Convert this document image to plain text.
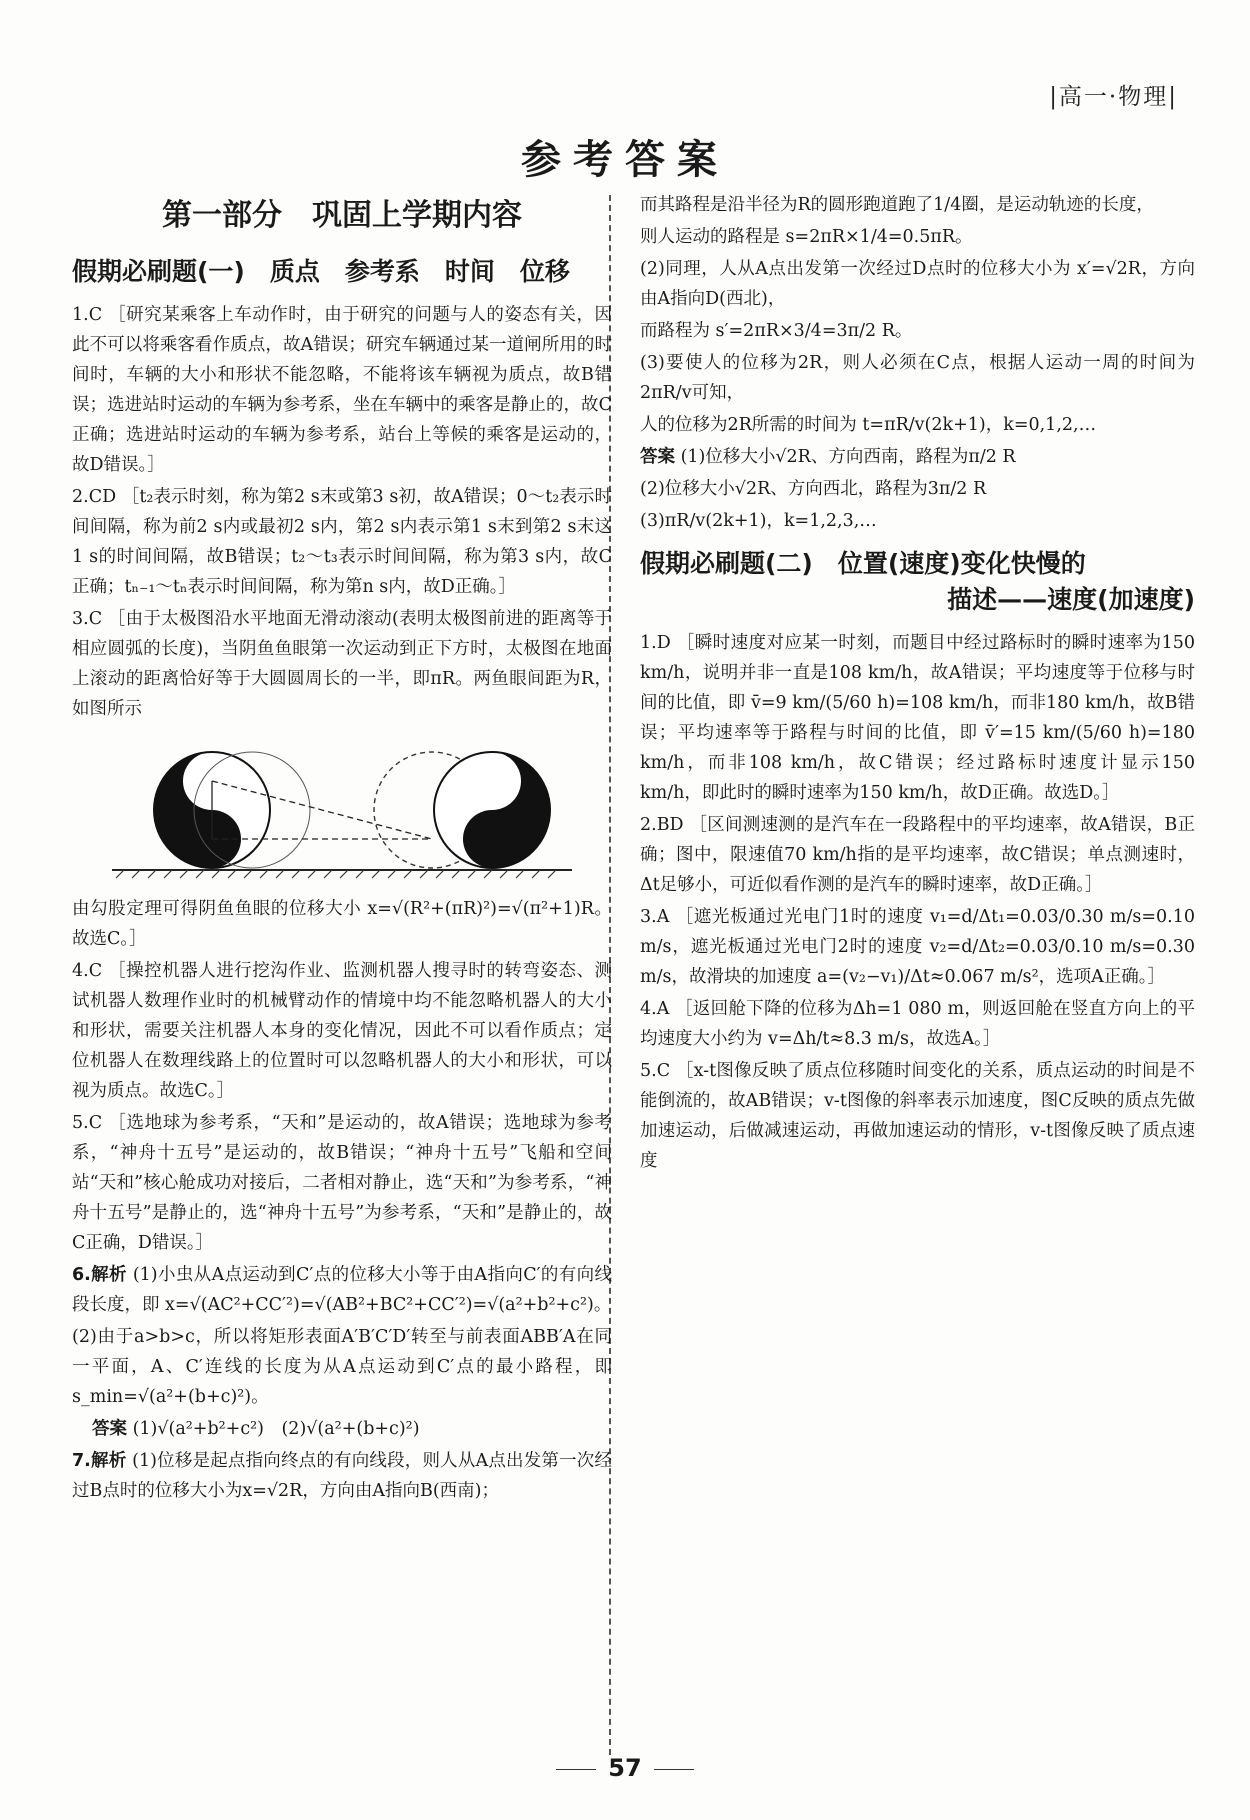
|高一·物理|
参考答案
第一部分　巩固上学期内容
假期必刷题(一)　质点　参考系　时间　位移

1.C ［研究某乘客上车动作时，由于研究的问题与人的姿态有关，因此不可以将乘客看作质点，故A错误；研究车辆通过某一道闸所用的时间时，车辆的大小和形状不能忽略，不能将该车辆视为质点，故B错误；选进站时运动的车辆为参考系，坐在车辆中的乘客是静止的，故C正确；选进站时运动的车辆为参考系，站台上等候的乘客是运动的，故D错误。］

2.CD ［t₂表示时刻，称为第2 s末或第3 s初，故A错误；0～t₂表示时间间隔，称为前2 s内或最初2 s内，第2 s内表示第1 s末到第2 s末这1 s的时间间隔，故B错误；t₂～t₃表示时间间隔，称为第3 s内，故C正确；tₙ₋₁～tₙ表示时间间隔，称为第n s内，故D正确。］

3.C ［由于太极图沿水平地面无滑动滚动(表明太极图前进的距离等于相应圆弧的长度)，当阴鱼鱼眼第一次运动到正下方时，太极图在地面上滚动的距离恰好等于大圆圆周长的一半，即πR。两鱼眼间距为R，如图所示

由勾股定理可得阴鱼鱼眼的位移大小 x=√(R²+(πR)²)=√(π²+1)R。故选C。］

4.C ［操控机器人进行挖沟作业、监测机器人搜寻时的转弯姿态、测试机器人数理作业时的机械臂动作的情境中均不能忽略机器人的大小和形状，需要关注机器人本身的变化情况，因此不可以看作质点；定位机器人在数理线路上的位置时可以忽略机器人的大小和形状，可以视为质点。故选C。］

5.C ［选地球为参考系，“天和”是运动的，故A错误；选地球为参考系，“神舟十五号”是运动的，故B错误；“神舟十五号”飞船和空间站“天和”核心舱成功对接后，二者相对静止，选“天和”为参考系，“神舟十五号”是静止的，选“神舟十五号”为参考系，“天和”是静止的，故C正确，D错误。］

6.解析 (1)小虫从A点运动到C′点的位移大小等于由A指向C′的有向线段长度，即 x=√(AC²+CC′²)=√(AB²+BC²+CC′²)=√(a²+b²+c²)。

(2)由于a>b>c，所以将矩形表面A′B′C′D′转至与前表面ABB′A在同一平面，A、C′连线的长度为从A点运动到C′点的最小路程，即 s_min=√(a²+(b+c)²)。

答案 (1)√(a²+b²+c²)　(2)√(a²+(b+c)²)

7.解析 (1)位移是起点指向终点的有向线段，则人从A点出发第一次经过B点时的位移大小为x=√2R，方向由A指向B(西南)；

而其路程是沿半径为R的圆形跑道跑了1/4圈，是运动轨迹的长度，

则人运动的路程是 s=2πR×1/4=0.5πR。

(2)同理，人从A点出发第一次经过D点时的位移大小为 x′=√2R，方向由A指向D(西北)，

而路程为 s′=2πR×3/4=3π/2 R。

(3)要使人的位移为2R，则人必须在C点，根据人运动一周的时间为2πR/v可知，

人的位移为2R所需的时间为 t=πR/v(2k+1)，k=0,1,2,…

答案 (1)位移大小√2R、方向西南，路程为π/2 R

(2)位移大小√2R、方向西北，路程为3π/2 R

(3)πR/v(2k+1)，k=1,2,3,…

假期必刷题(二)　位置(速度)变化快慢的
描述——速度(加速度)

1.D ［瞬时速度对应某一时刻，而题目中经过路标时的瞬时速率为150 km/h，说明并非一直是108 km/h，故A错误；平均速度等于位移与时间的比值，即 v̄=9 km/(5/60 h)=108 km/h，而非180 km/h，故B错误；平均速率等于路程与时间的比值，即 v̄′=15 km/(5/60 h)=180 km/h，而非108 km/h，故C错误；经过路标时速度计显示150 km/h，即此时的瞬时速率为150 km/h，故D正确。故选D。］

2.BD ［区间测速测的是汽车在一段路程中的平均速率，故A错误，B正确；图中，限速值70 km/h指的是平均速率，故C错误；单点测速时，Δt足够小，可近似看作测的是汽车的瞬时速率，故D正确。］

3.A ［遮光板通过光电门1时的速度 v₁=d/Δt₁=0.03/0.30 m/s=0.10 m/s，遮光板通过光电门2时的速度 v₂=d/Δt₂=0.03/0.10 m/s=0.30 m/s，故滑块的加速度 a=(v₂−v₁)/Δt≈0.067 m/s²，选项A正确。］

4.A ［返回舱下降的位移为Δh=1 080 m，则返回舱在竖直方向上的平均速度大小约为 v=Δh/t≈8.3 m/s，故选A。］

5.C ［x-t图像反映了质点位移随时间变化的关系，质点运动的时间是不能倒流的，故AB错误；v-t图像的斜率表示加速度，图C反映的质点先做加速运动，后做减速运动，再做加速运动的情形，v-t图像反映了质点速度

57
